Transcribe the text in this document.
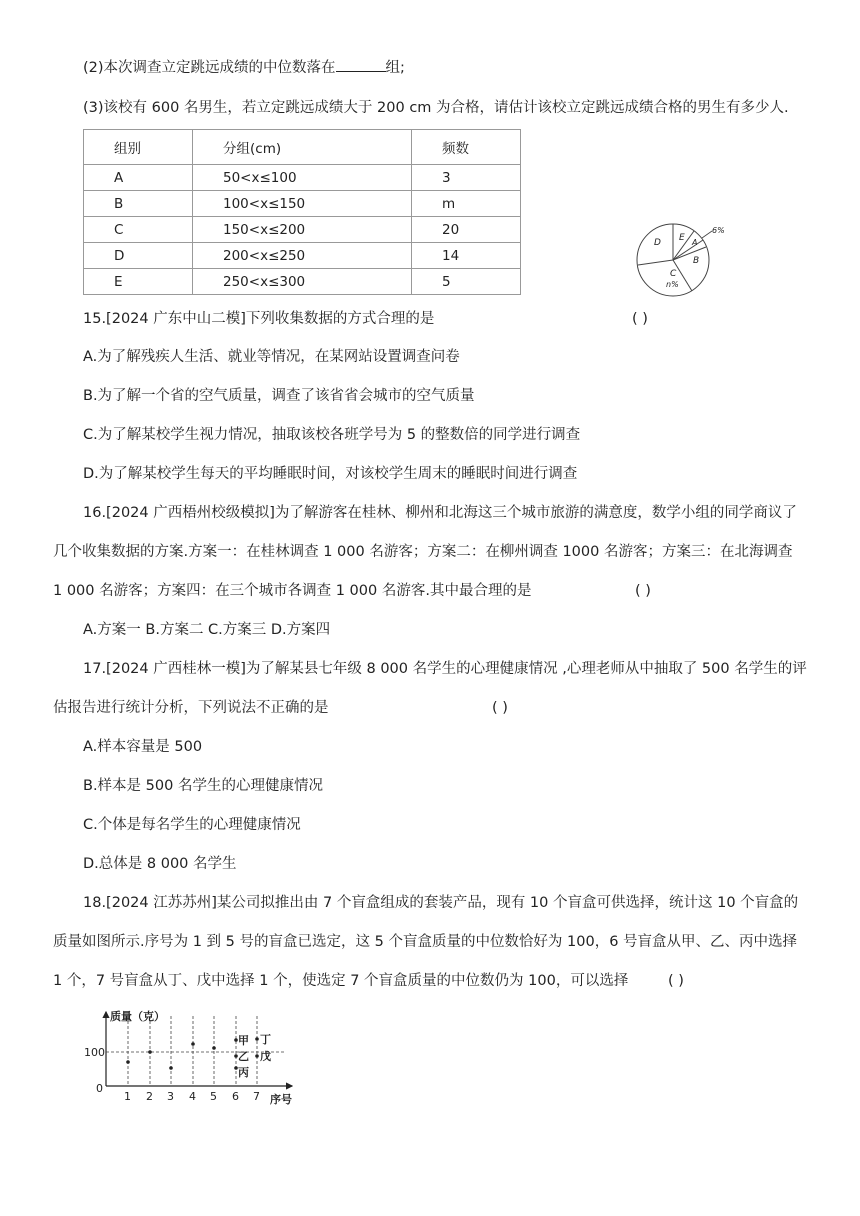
(2)本次调查立定跳远成绩的中位数落在	组;
(3)该校有 600 名男生，若立定跳远成绩大于 200 cm 为合格，请估计该校立定跳远成绩合格的男生有多少人.
组别	分组(cm)	频数
A	50<x≤100	3
B	100<x≤150	m
C	150<x≤200	20
D	200<x≤250	14
E	250<x≤300	5
D E A
B
C
n%
6%
15.[2024 广东中山二模]下列收集数据的方式合理的是	( )
A.为了解残疾人生活、就业等情况，在某网站设置调查问卷
B.为了解一个省的空气质量，调查了该省省会城市的空气质量
C.为了解某校学生视力情况，抽取该校各班学号为 5 的整数倍的同学进行调查
D.为了解某校学生每天的平均睡眠时间，对该校学生周末的睡眠时间进行调查
16.[2024 广西梧州校级模拟]为了解游客在桂林、柳州和北海这三个城市旅游的满意度，数学小组的同学商议了
几个收集数据的方案.方案一：在桂林调查 1 000 名游客；方案二：在柳州调查 1000 名游客；方案三：在北海调查
1 000 名游客；方案四：在三个城市各调查 1 000 名游客.其中最合理的是	( )
A.方案一 B.方案二 C.方案三 D.方案四
17.[2024 广西桂林一模]为了解某县七年级 8 000 名学生的心理健康情况 ,心理老师从中抽取了 500 名学生的评
估报告进行统计分析，下列说法不正确的是	( )
A.样本容量是 500
B.样本是 500 名学生的心理健康情况
C.个体是每名学生的心理健康情况
D.总体是 8 000 名学生
18.[2024 江苏苏州]某公司拟推出由 7 个盲盒组成的套装产品，现有 10 个盲盒可供选择，统计这 10 个盲盒的
质量如图所示.序号为 1 到 5 号的盲盒已选定，这 5 个盲盒质量的中位数恰好为 100，6 号盲盒从甲、乙、丙中选择
1 个，7 号盲盒从丁、戊中选择 1 个，使选定 7 个盲盒质量的中位数仍为 100，可以选择	( )
质量（克）
100
0
1 2 3 4 5 6 7 序号
甲
乙
丙
丁
戊
